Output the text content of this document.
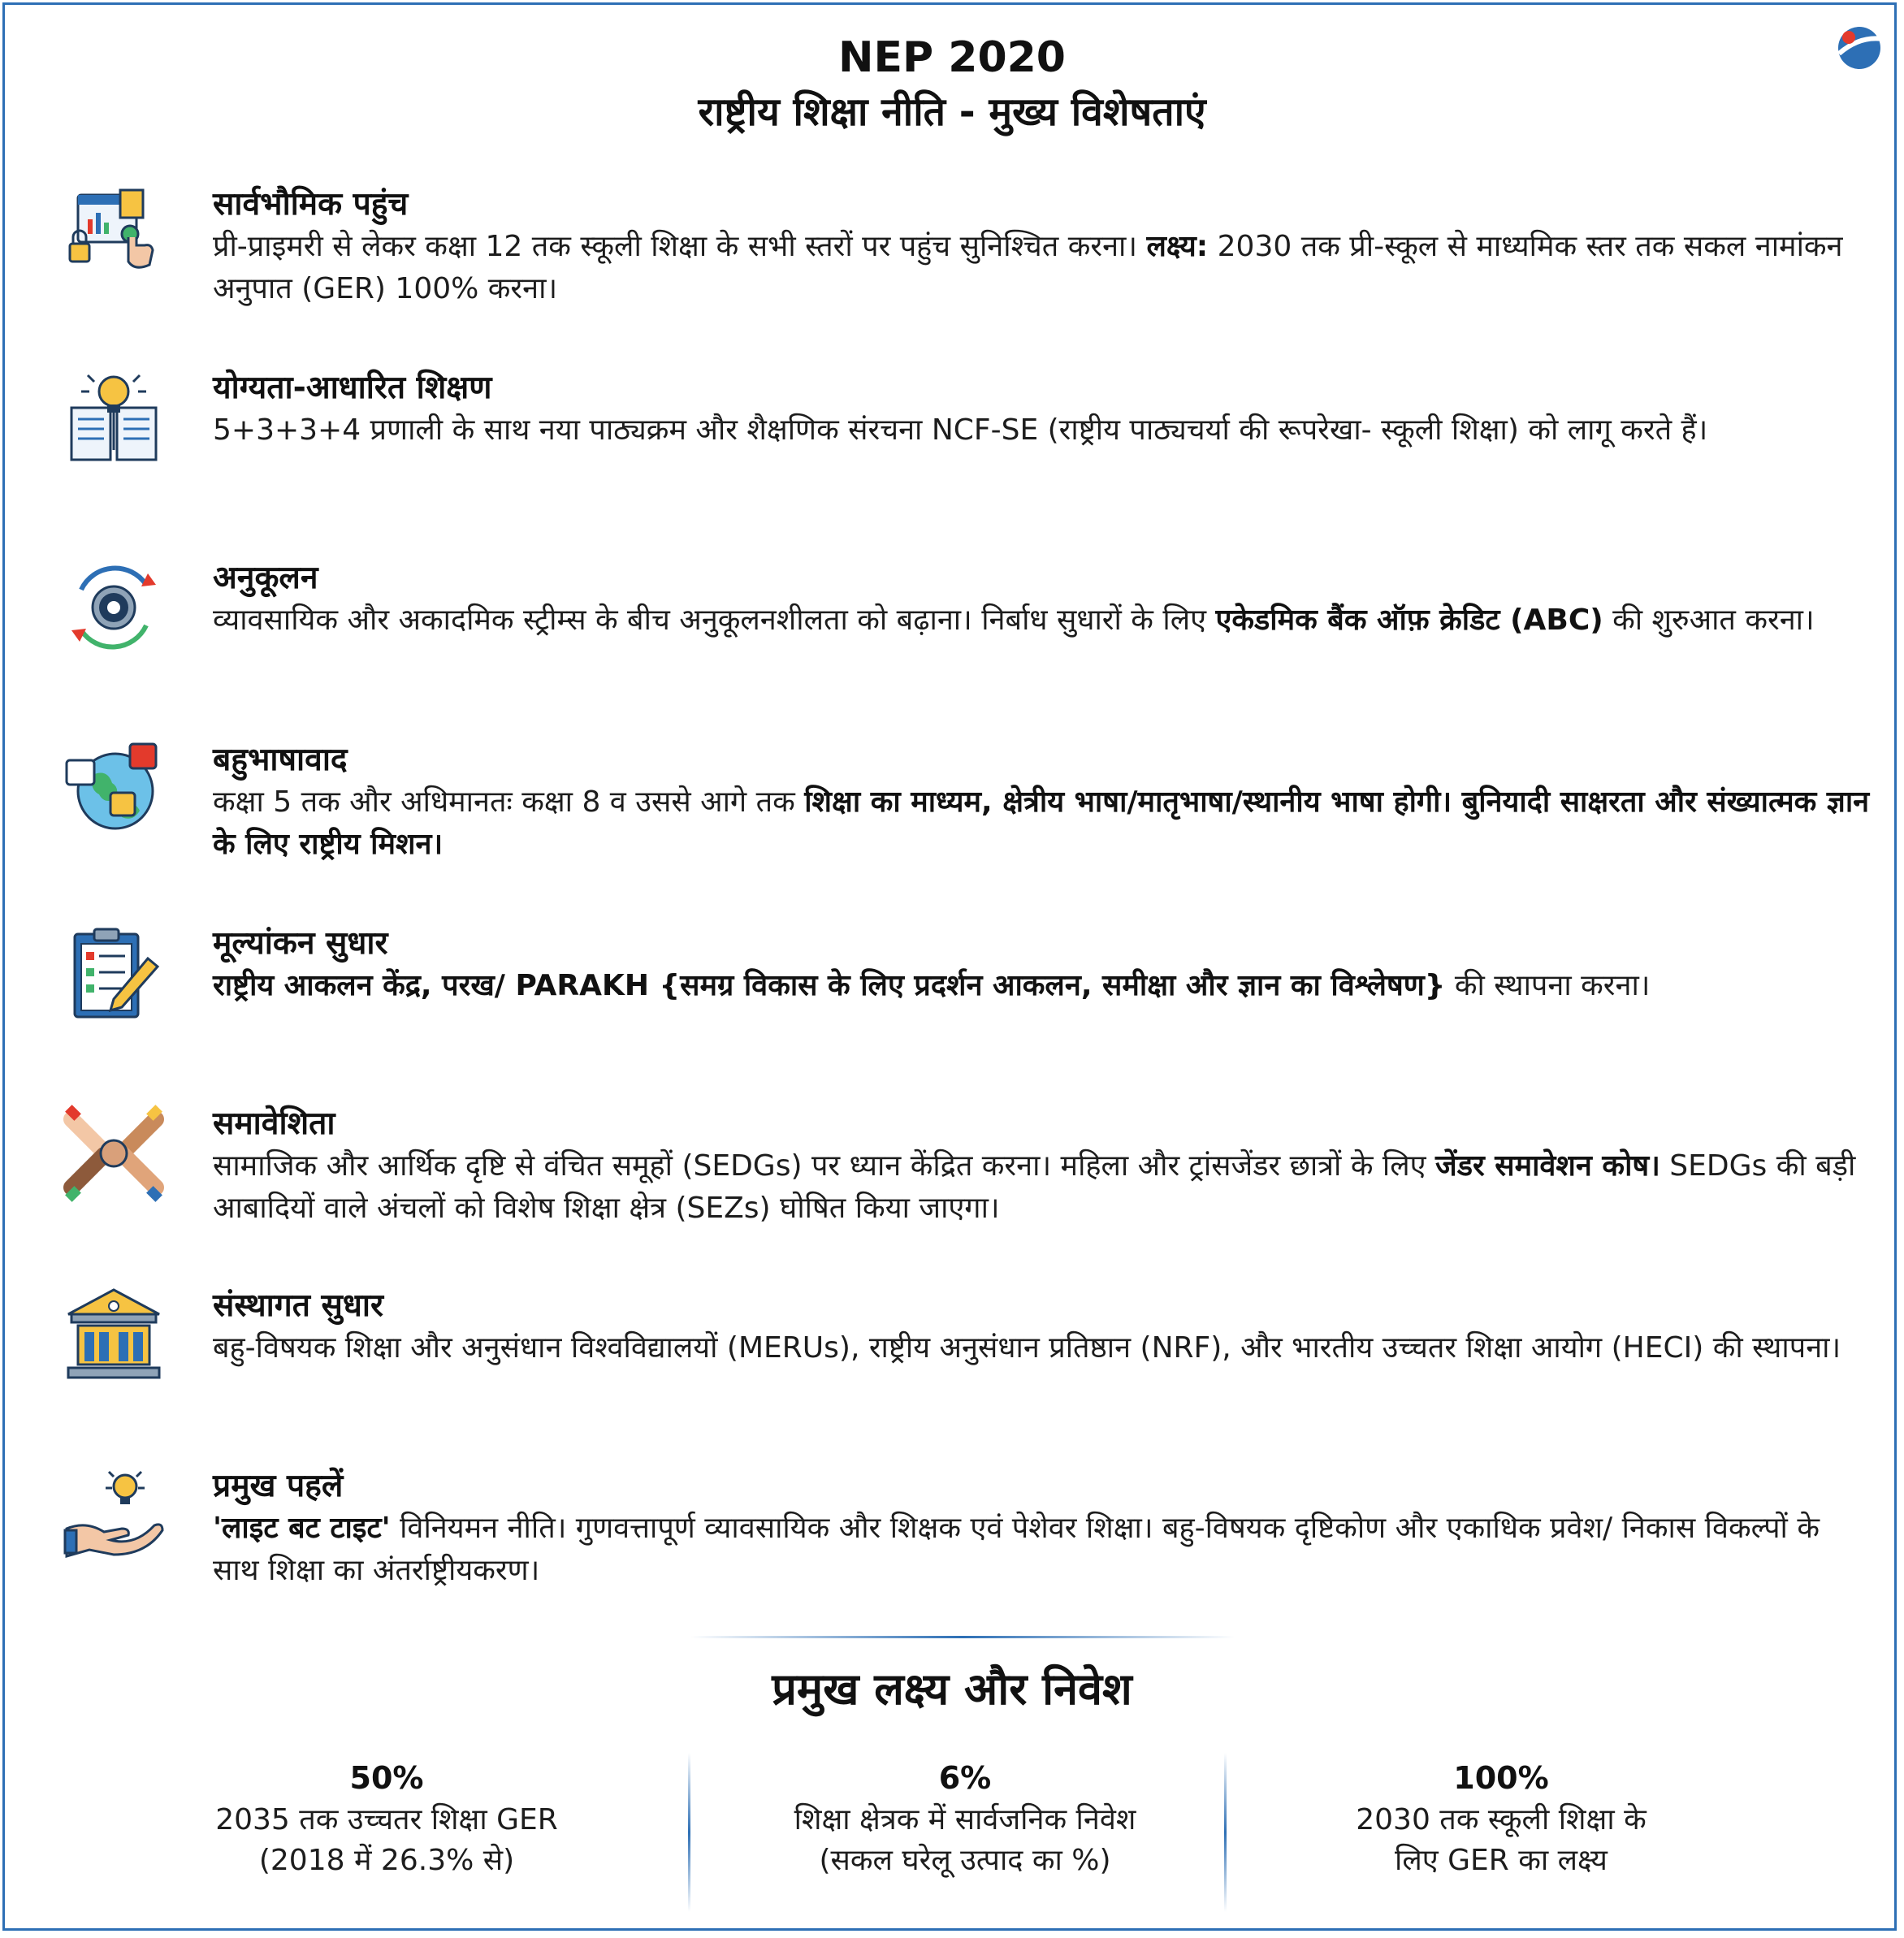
NEP 2020
राष्ट्रीय शिक्षा नीति - मुख्य विशेषताएं
सार्वभौमिक पहुंच
प्री-प्राइमरी से लेकर कक्षा 12 तक स्कूली शिक्षा के सभी स्तरों पर पहुंच सुनिश्चित करना। लक्ष्य: 2030 तक प्री-स्कूल से माध्यमिक स्तर तक सकल नामांकन अनुपात (GER) 100% करना।
योग्यता-आधारित शिक्षण
5+3+3+4 प्रणाली के साथ नया पाठ्यक्रम और शैक्षणिक संरचना NCF-SE (राष्ट्रीय पाठ्यचर्या की रूपरेखा- स्कूली शिक्षा) को लागू करते हैं।
अनुकूलन
व्यावसायिक और अकादमिक स्ट्रीम्स के बीच अनुकूलनशीलता को बढ़ाना। निर्बाध सुधारों के लिए एकेडमिक बैंक ऑफ़ क्रेडिट (ABC) की शुरुआत करना।
बहुभाषावाद
कक्षा 5 तक और अधिमानतः कक्षा 8 व उससे आगे तक शिक्षा का माध्यम, क्षेत्रीय भाषा/मातृभाषा/स्थानीय भाषा होगी। बुनियादी साक्षरता और संख्यात्मक ज्ञान के लिए राष्ट्रीय मिशन।
मूल्यांकन सुधार
राष्ट्रीय आकलन केंद्र, परख/ PARAKH {समग्र विकास के लिए प्रदर्शन आकलन, समीक्षा और ज्ञान का विश्लेषण} की स्थापना करना।
समावेशिता
सामाजिक और आर्थिक दृष्टि से वंचित समूहों (SEDGs) पर ध्यान केंद्रित करना। महिला और ट्रांसजेंडर छात्रों के लिए जेंडर समावेशन कोष। SEDGs की बड़ी आबादियों वाले अंचलों को विशेष शिक्षा क्षेत्र (SEZs) घोषित किया जाएगा।
संस्थागत सुधार
बहु-विषयक शिक्षा और अनुसंधान विश्वविद्यालयों (MERUs), राष्ट्रीय अनुसंधान प्रतिष्ठान (NRF), और भारतीय उच्चतर शिक्षा आयोग (HECI) की स्थापना।
प्रमुख पहलें
'लाइट बट टाइट' विनियमन नीति। गुणवत्तापूर्ण व्यावसायिक और शिक्षक एवं पेशेवर शिक्षा। बहु-विषयक दृष्टिकोण और एकाधिक प्रवेश/ निकास विकल्पों के साथ शिक्षा का अंतर्राष्ट्रीयकरण।
प्रमुख लक्ष्य और निवेश
50%
2035 तक उच्चतर शिक्षा GER
(2018 में 26.3% से)
6%
शिक्षा क्षेत्रक में सार्वजनिक निवेश
(सकल घरेलू उत्पाद का %)
100%
2030 तक स्कूली शिक्षा के
लिए GER का लक्ष्य
